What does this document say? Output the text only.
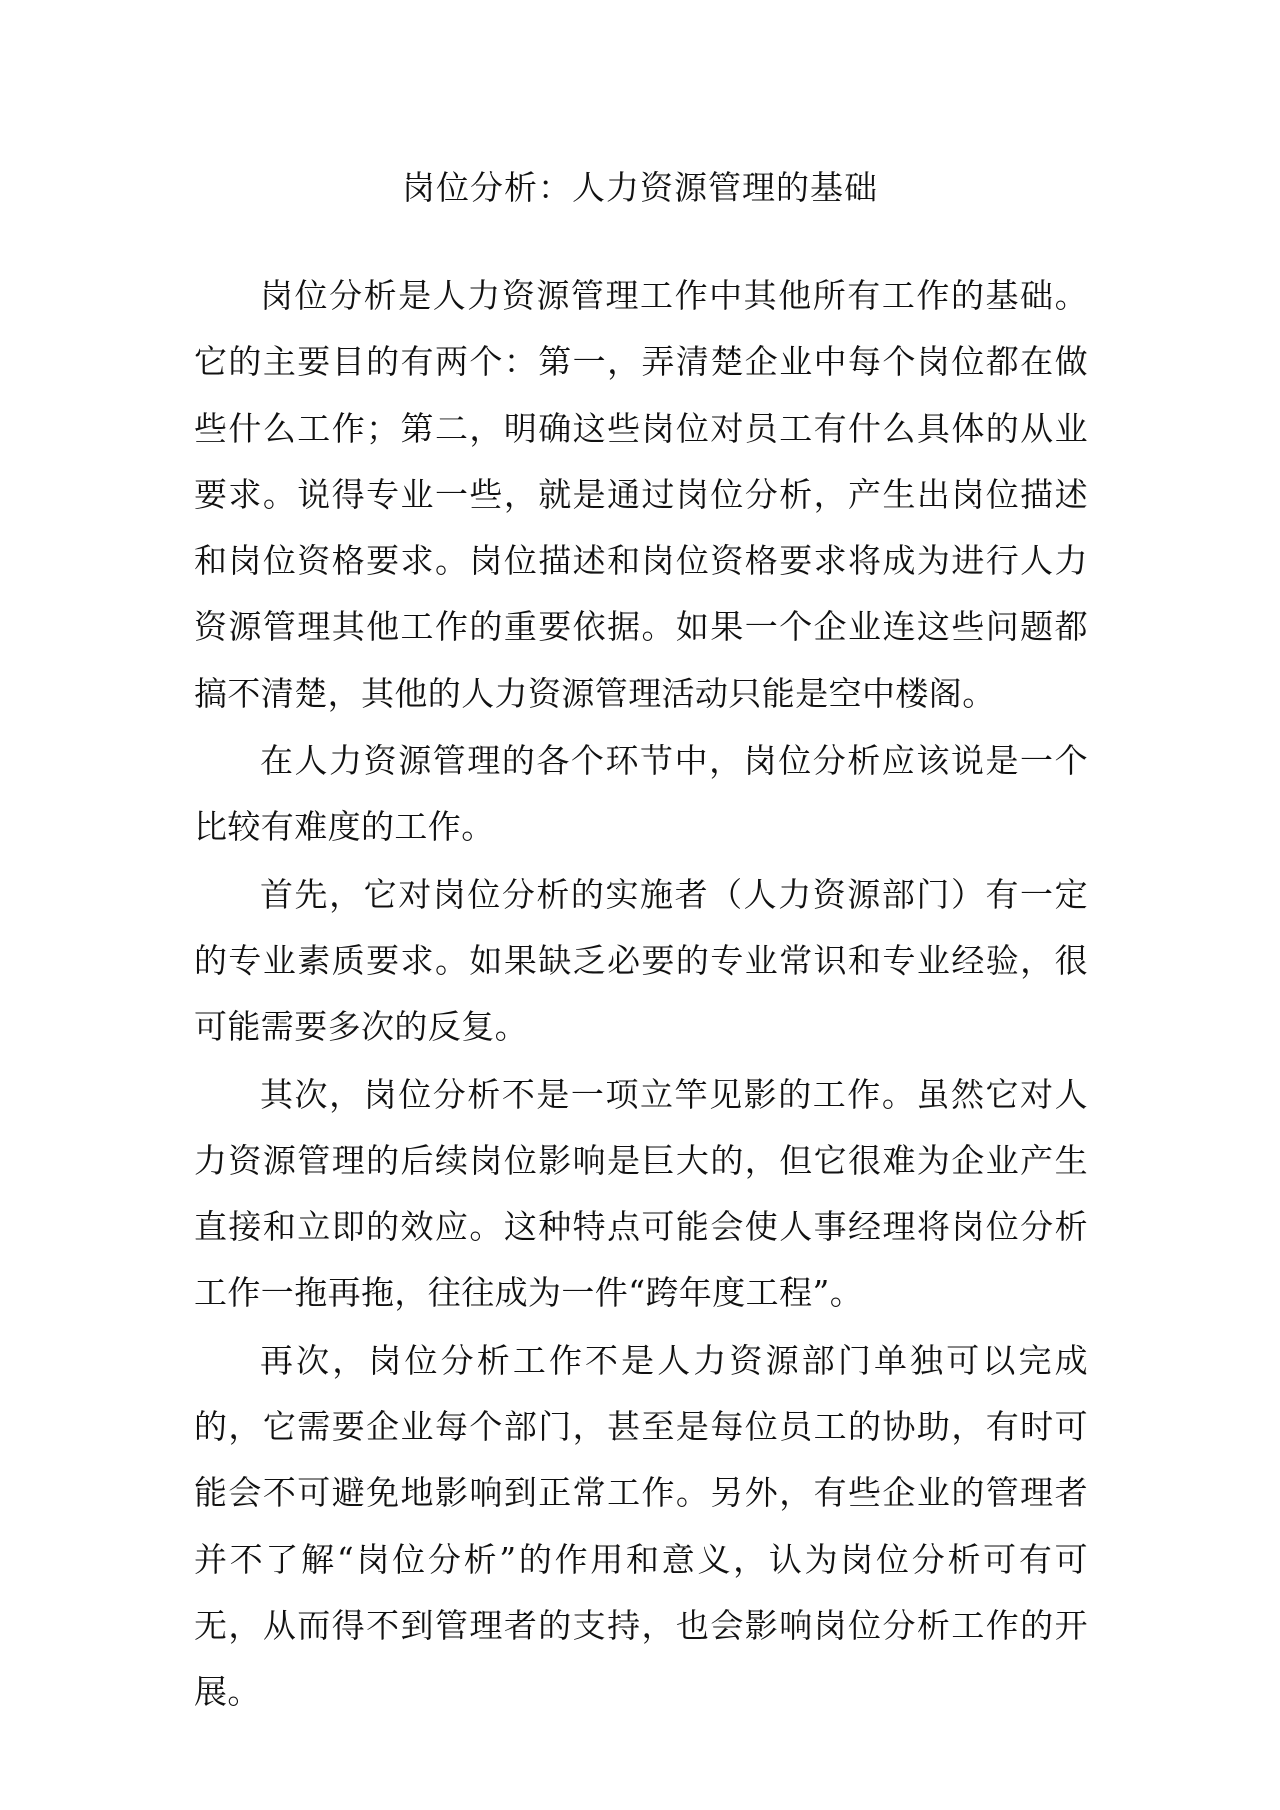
岗位分析：人力资源管理的基础

岗位分析是人力资源管理工作中其他所有工作的基础。它的主要目的有两个：第一，弄清楚企业中每个岗位都在做些什么工作；第二，明确这些岗位对员工有什么具体的从业要求。说得专业一些，就是通过岗位分析，产生出岗位描述和岗位资格要求。岗位描述和岗位资格要求将成为进行人力资源管理其他工作的重要依据。如果一个企业连这些问题都搞不清楚，其他的人力资源管理活动只能是空中楼阁。

在人力资源管理的各个环节中，岗位分析应该说是一个比较有难度的工作。

首先，它对岗位分析的实施者（人力资源部门）有一定的专业素质要求。如果缺乏必要的专业常识和专业经验，很可能需要多次的反复。

其次，岗位分析不是一项立竿见影的工作。虽然它对人力资源管理的后续岗位影响是巨大的，但它很难为企业产生直接和立即的效应。这种特点可能会使人事经理将岗位分析工作一拖再拖，往往成为一件“跨年度工程”。

再次，岗位分析工作不是人力资源部门单独可以完成的，它需要企业每个部门，甚至是每位员工的协助，有时可能会不可避免地影响到正常工作。另外，有些企业的管理者并不了解“岗位分析”的作用和意义，认为岗位分析可有可无，从而得不到管理者的支持，也会影响岗位分析工作的开展。
